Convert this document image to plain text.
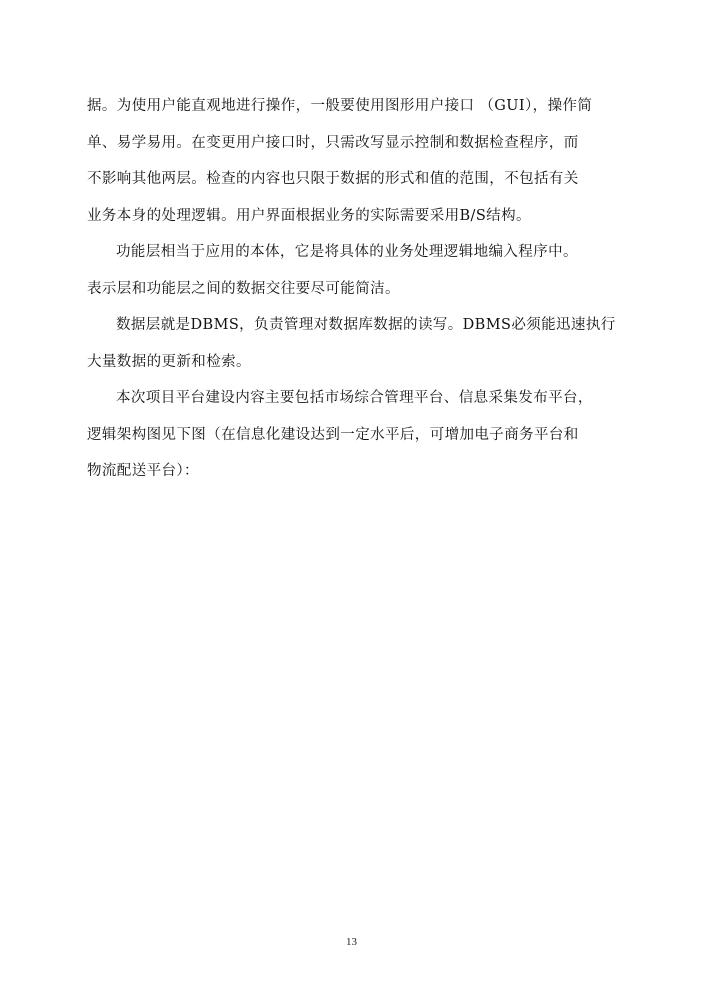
据。为使用户能直观地进行操作，一般要使用图形用户接口 （GUI），操作简
单、易学易用。在变更用户接口时，只需改写显示控制和数据检查程序，而
不影响其他两层。检查的内容也只限于数据的形式和值的范围，不包括有关
业务本身的处理逻辑。用户界面根据业务的实际需要采用B/S结构。
功能层相当于应用的本体，它是将具体的业务处理逻辑地编入程序中。
表示层和功能层之间的数据交往要尽可能简洁。
数据层就是DBMS，负责管理对数据库数据的读写。DBMS必须能迅速执行
大量数据的更新和检索。
本次项目平台建设内容主要包括市场综合管理平台、信息采集发布平台，
逻辑架构图见下图（在信息化建设达到一定水平后，可增加电子商务平台和
物流配送平台）：
13
